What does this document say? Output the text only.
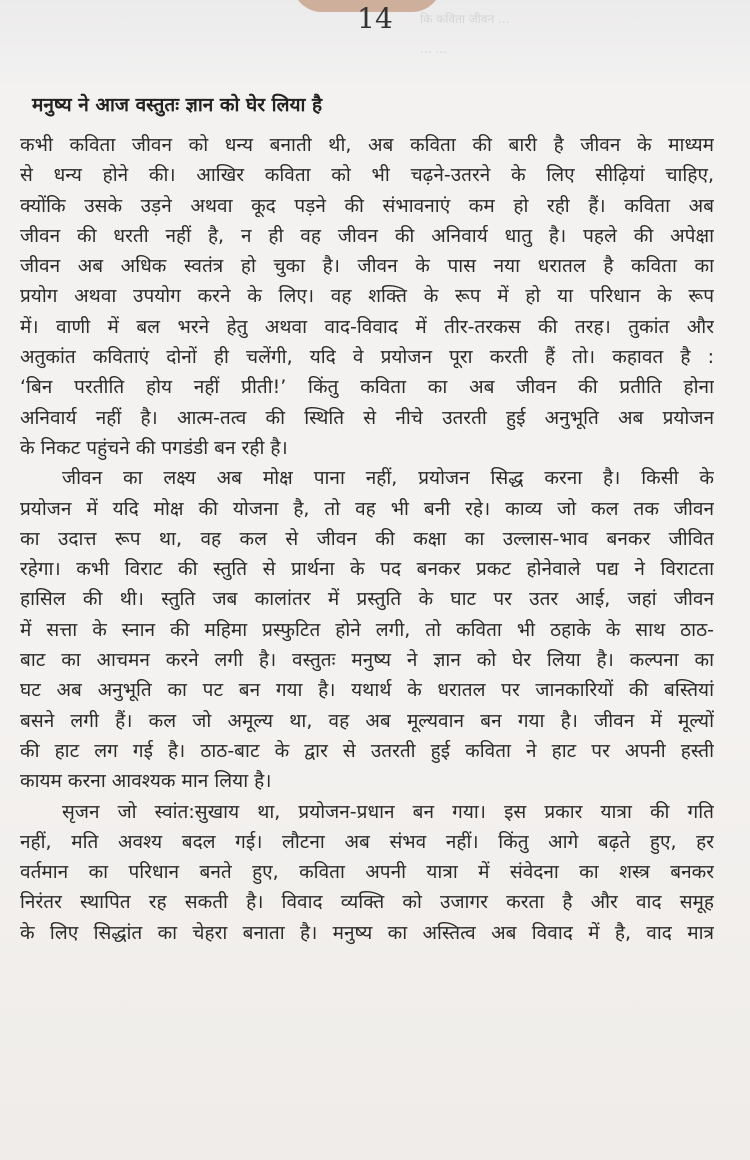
14
मनुष्य ने आज वस्तुतः ज्ञान को घेर लिया है
कभी कविता जीवन को धन्य बनाती थी, अब कविता की बारी है जीवन के माध्यम
से धन्य होने की। आखिर कविता को भी चढ़ने-उतरने के लिए सीढ़ियां चाहिए,
क्योंकि उसके उड़ने अथवा कूद पड़ने की संभावनाएं कम हो रही हैं। कविता अब
जीवन की धरती नहीं है, न ही वह जीवन की अनिवार्य धातु है। पहले की अपेक्षा
जीवन अब अधिक स्वतंत्र हो चुका है। जीवन के पास नया धरातल है कविता का
प्रयोग अथवा उपयोग करने के लिए। वह शक्ति के रूप में हो या परिधान के रूप
में। वाणी में बल भरने हेतु अथवा वाद-विवाद में तीर-तरकस की तरह। तुकांत और
अतुकांत कविताएं दोनों ही चलेंगी, यदि वे प्रयोजन पूरा करती हैं तो। कहावत है :
‘बिन परतीति होय नहीं प्रीती!’ किंतु कविता का अब जीवन की प्रतीति होना
अनिवार्य नहीं है। आत्म-तत्व की स्थिति से नीचे उतरती हुई अनुभूति अब प्रयोजन
के निकट पहुंचने की पगडंडी बन रही है।
जीवन का लक्ष्य अब मोक्ष पाना नहीं, प्रयोजन सिद्ध करना है। किसी के
प्रयोजन में यदि मोक्ष की योजना है, तो वह भी बनी रहे। काव्य जो कल तक जीवन
का उदात्त रूप था, वह कल से जीवन की कक्षा का उल्लास-भाव बनकर जीवित
रहेगा। कभी विराट की स्तुति से प्रार्थना के पद बनकर प्रकट होनेवाले पद्य ने विराटता
हासिल की थी। स्तुति जब कालांतर में प्रस्तुति के घाट पर उतर आई, जहां जीवन
में सत्ता के स्नान की महिमा प्रस्फुटित होने लगी, तो कविता भी ठहाके के साथ ठाठ-
बाट का आचमन करने लगी है। वस्तुतः मनुष्य ने ज्ञान को घेर लिया है। कल्पना का
घट अब अनुभूति का पट बन गया है। यथार्थ के धरातल पर जानकारियों की बस्तियां
बसने लगी हैं। कल जो अमूल्य था, वह अब मूल्यवान बन गया है। जीवन में मूल्यों
की हाट लग गई है। ठाठ-बाट के द्वार से उतरती हुई कविता ने हाट पर अपनी हस्ती
कायम करना आवश्यक मान लिया है।
सृजन जो स्वांत:सुखाय था, प्रयोजन-प्रधान बन गया। इस प्रकार यात्रा की गति
नहीं, मति अवश्य बदल गई। लौटना अब संभव नहीं। किंतु आगे बढ़ते हुए, हर
वर्तमान का परिधान बनते हुए, कविता अपनी यात्रा में संवेदना का शस्त्र बनकर
निरंतर स्थापित रह सकती है। विवाद व्यक्ति को उजागर करता है और वाद समूह
के लिए सिद्धांत का चेहरा बनाता है। मनुष्य का अस्तित्व अब विवाद में है, वाद मात्र
कि कविता जीवन ...
... ...
